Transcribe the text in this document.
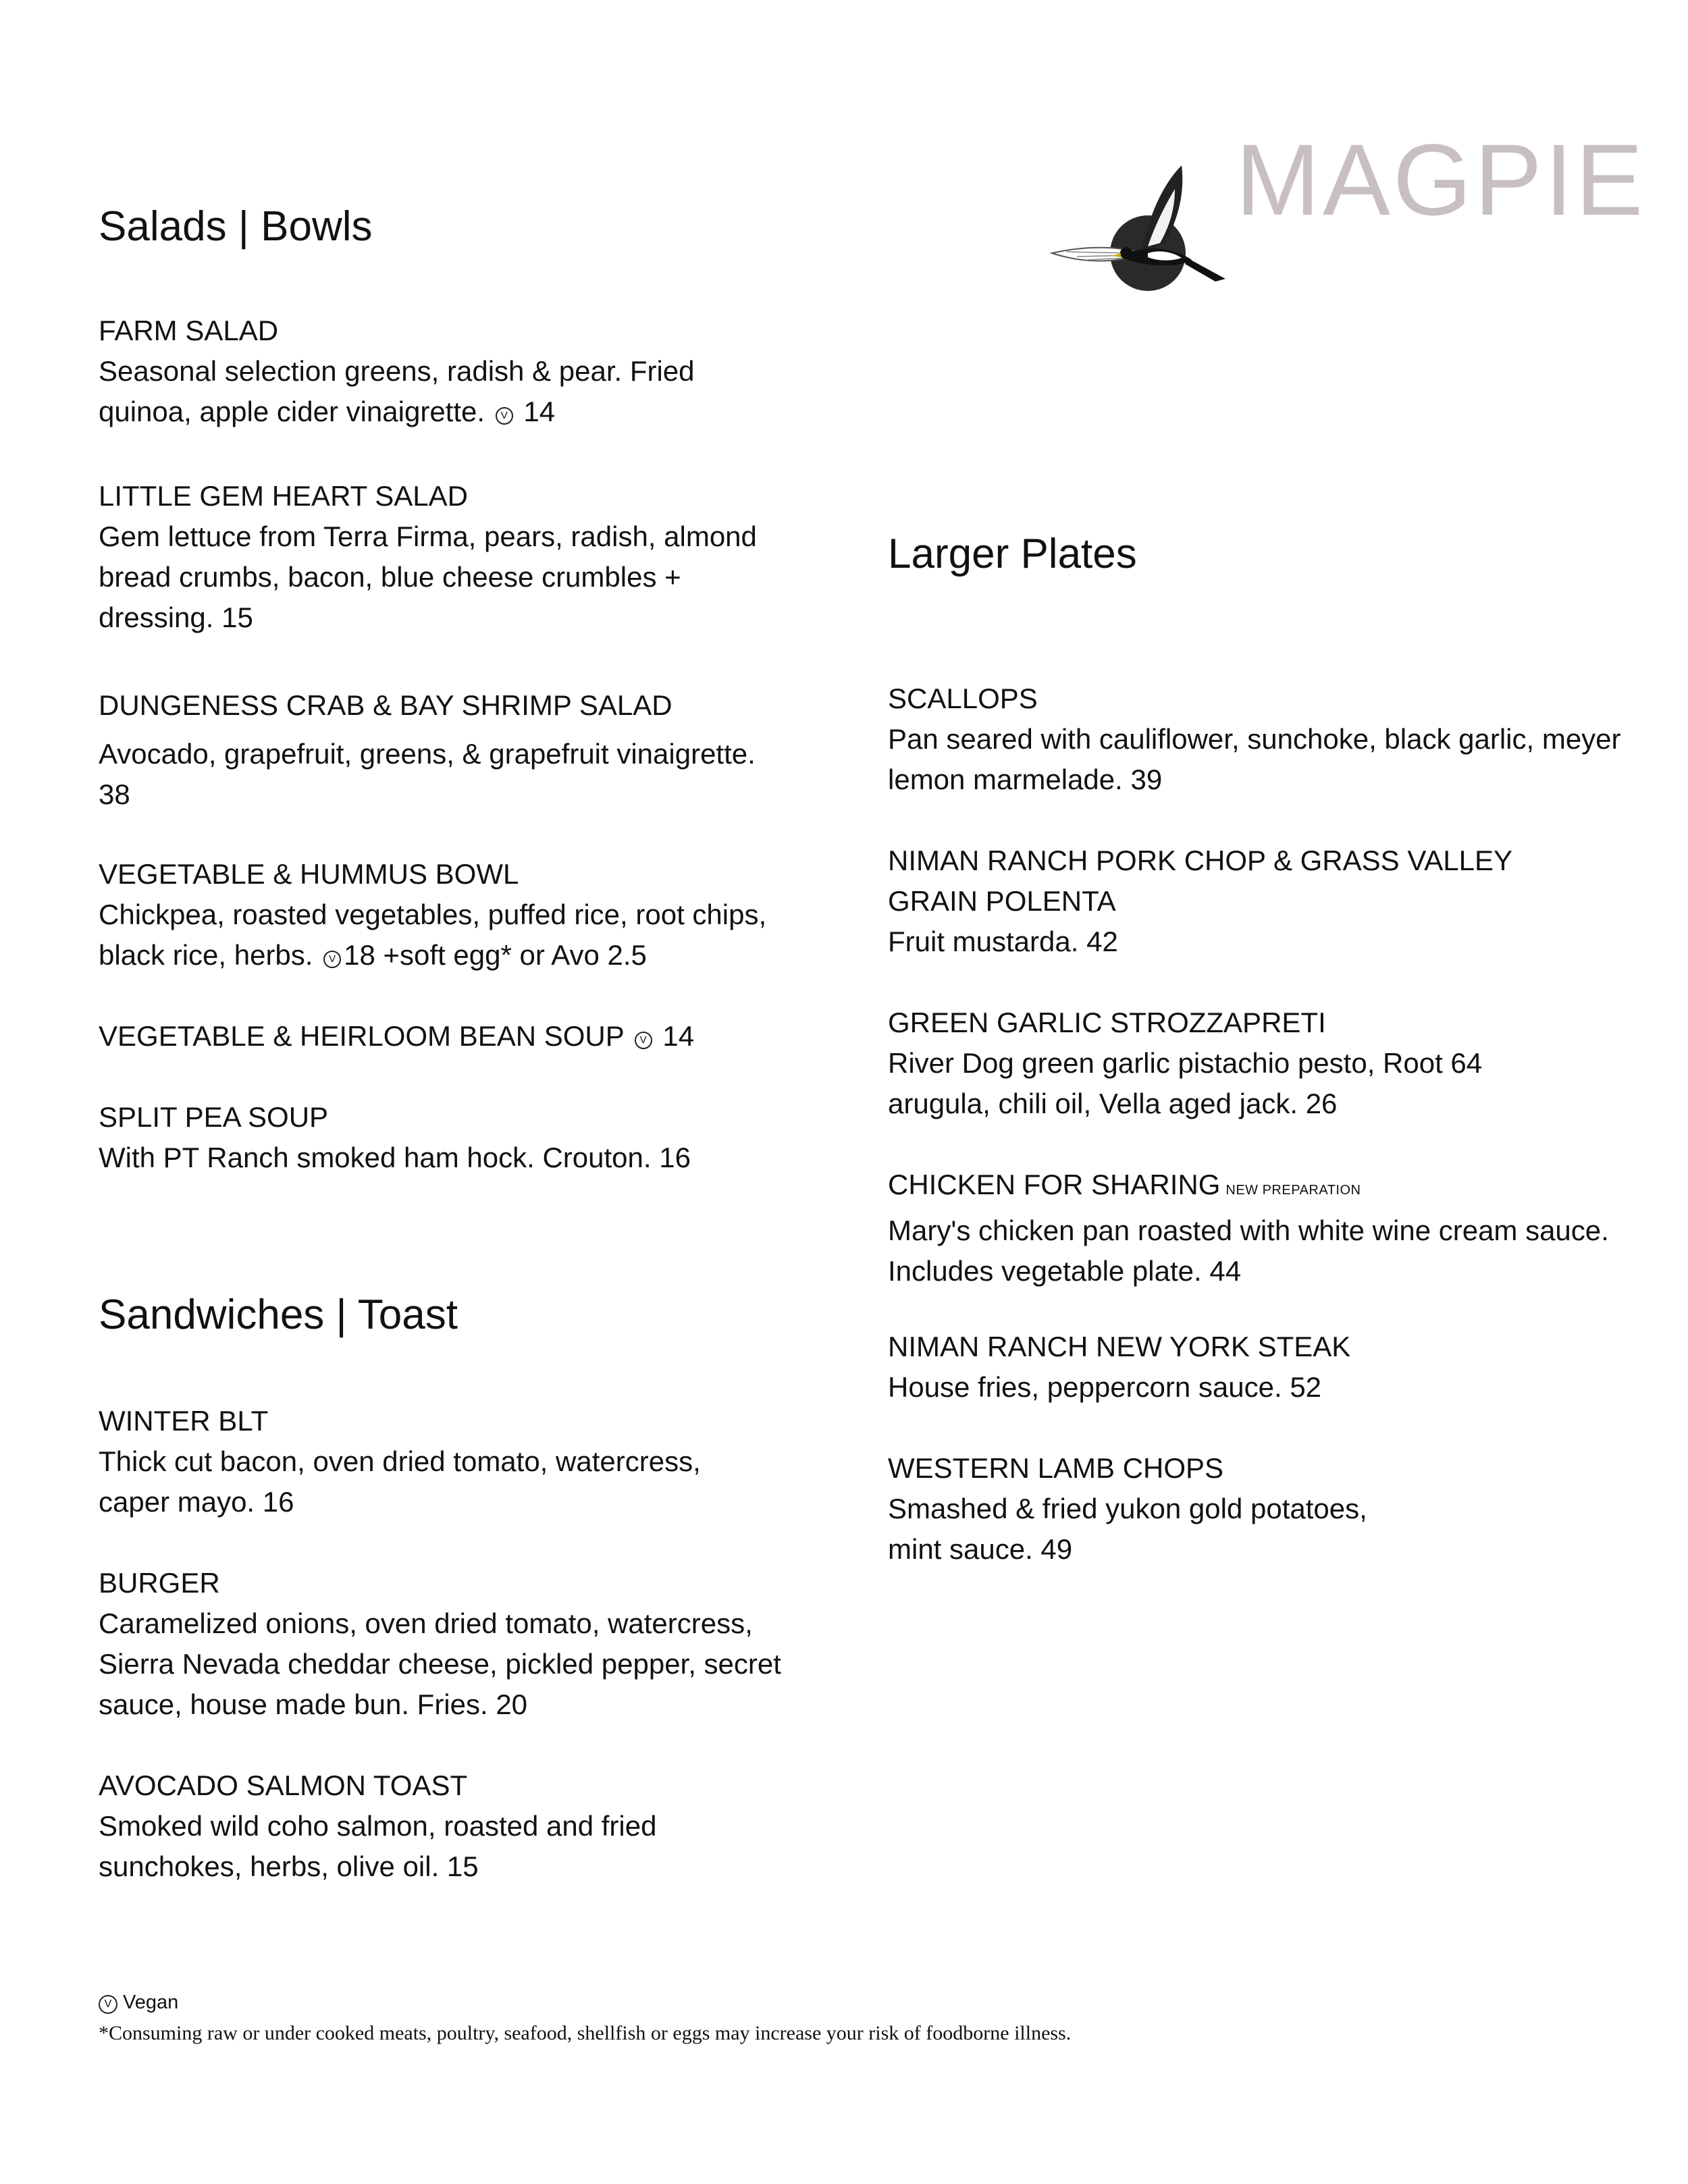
MAGPIE
Salads | Bowls
FARM SALAD
Seasonal selection greens, radish & pear. Fried quinoa, apple cider vinaigrette. V 14
LITTLE GEM HEART SALAD
Gem lettuce from Terra Firma, pears, radish, almond bread crumbs, bacon, blue cheese crumbles + dressing. 15
DUNGENESS CRAB & BAY SHRIMP SALAD
Avocado, grapefruit, greens, & grapefruit vinaigrette. 38
VEGETABLE & HUMMUS BOWL
Chickpea, roasted vegetables, puffed rice, root chips, black rice, herbs. V 18 +soft egg* or Avo 2.5
VEGETABLE & HEIRLOOM BEAN SOUP V 14
SPLIT PEA SOUP
With PT Ranch smoked ham hock. Crouton. 16
Sandwiches | Toast
WINTER BLT
Thick cut bacon, oven dried tomato, watercress, caper mayo. 16
BURGER
Caramelized onions, oven dried tomato, watercress, Sierra Nevada cheddar cheese, pickled pepper, secret sauce, house made bun. Fries. 20
AVOCADO SALMON TOAST
Smoked wild coho salmon, roasted and fried sunchokes, herbs, olive oil. 15
Larger Plates
SCALLOPS
Pan seared with cauliflower, sunchoke, black garlic, meyer lemon marmelade. 39
NIMAN RANCH PORK CHOP & GRASS VALLEY GRAIN POLENTA
Fruit mustarda. 42
GREEN GARLIC STROZZAPRETI
River Dog green garlic pistachio pesto, Root 64 arugula, chili oil, Vella aged jack. 26
CHICKEN FOR SHARING NEW PREPARATION
Mary's chicken pan roasted with white wine cream sauce. Includes vegetable plate. 44
NIMAN RANCH NEW YORK STEAK
House fries, peppercorn sauce. 52
WESTERN LAMB CHOPS
Smashed & fried yukon gold potatoes,
mint sauce. 49
V Vegan
*Consuming raw or under cooked meats, poultry, seafood, shellfish or eggs may increase your risk of foodborne illness.
